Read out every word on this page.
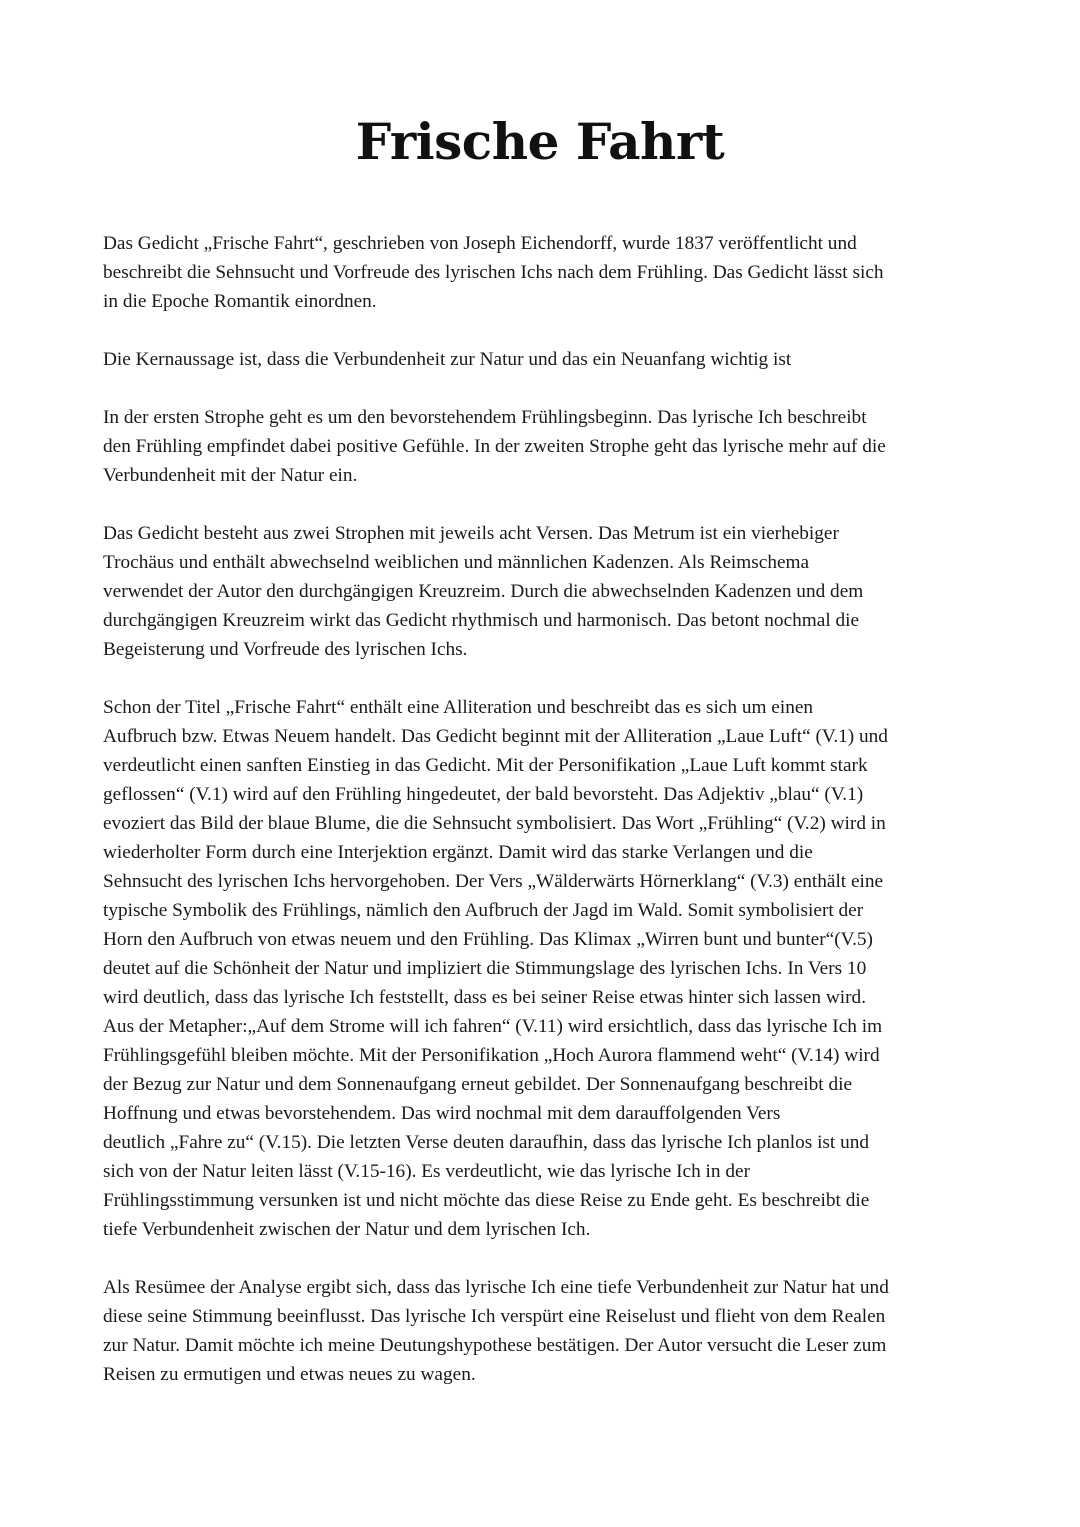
Frische Fahrt

Das Gedicht „Frische Fahrt“, geschrieben von Joseph Eichendorff, wurde 1837 veröffentlicht und
beschreibt die Sehnsucht und Vorfreude des lyrischen Ichs nach dem Frühling. Das Gedicht lässt sich
in die Epoche Romantik einordnen.

Die Kernaussage ist, dass die Verbundenheit zur Natur und das ein Neuanfang wichtig ist

In der ersten Strophe geht es um den bevorstehendem Frühlingsbeginn. Das lyrische Ich beschreibt
den Frühling empfindet dabei positive Gefühle. In der zweiten Strophe geht das lyrische mehr auf die
Verbundenheit mit der Natur ein.

Das Gedicht besteht aus zwei Strophen mit jeweils acht Versen. Das Metrum ist ein vierhebiger
Trochäus und enthält abwechselnd weiblichen und männlichen Kadenzen. Als Reimschema
verwendet der Autor den durchgängigen Kreuzreim. Durch die abwechselnden Kadenzen und dem
durchgängigen Kreuzreim wirkt das Gedicht rhythmisch und harmonisch. Das betont nochmal die
Begeisterung und Vorfreude des lyrischen Ichs.

Schon der Titel „Frische Fahrt“ enthält eine Alliteration und beschreibt das es sich um einen
Aufbruch bzw. Etwas Neuem handelt. Das Gedicht beginnt mit der Alliteration „Laue Luft“ (V.1) und
verdeutlicht einen sanften Einstieg in das Gedicht. Mit der Personifikation „Laue Luft kommt stark
geflossen“ (V.1) wird auf den Frühling hingedeutet, der bald bevorsteht. Das Adjektiv „blau“ (V.1)
evoziert das Bild der blaue Blume, die die Sehnsucht symbolisiert. Das Wort „Frühling“ (V.2) wird in
wiederholter Form durch eine Interjektion ergänzt. Damit wird das starke Verlangen und die
Sehnsucht des lyrischen Ichs hervorgehoben. Der Vers „Wälderwärts Hörnerklang“ (V.3) enthält eine
typische Symbolik des Frühlings, nämlich den Aufbruch der Jagd im Wald. Somit symbolisiert der
Horn den Aufbruch von etwas neuem und den Frühling. Das Klimax „Wirren bunt und bunter“(V.5)
deutet auf die Schönheit der Natur und impliziert die Stimmungslage des lyrischen Ichs. In Vers 10
wird deutlich, dass das lyrische Ich feststellt, dass es bei seiner Reise etwas hinter sich lassen wird.
Aus der Metapher:„Auf dem Strome will ich fahren“ (V.11) wird ersichtlich, dass das lyrische Ich im
Frühlingsgefühl bleiben möchte. Mit der Personifikation „Hoch Aurora flammend weht“ (V.14) wird
der Bezug zur Natur und dem Sonnenaufgang erneut gebildet. Der Sonnenaufgang beschreibt die
Hoffnung und etwas bevorstehendem. Das wird nochmal mit dem darauffolgenden Vers
deutlich „Fahre zu“ (V.15). Die letzten Verse deuten daraufhin, dass das lyrische Ich planlos ist und
sich von der Natur leiten lässt (V.15-16). Es verdeutlicht, wie das lyrische Ich in der
Frühlingsstimmung versunken ist und nicht möchte das diese Reise zu Ende geht. Es beschreibt die
tiefe Verbundenheit zwischen der Natur und dem lyrischen Ich.

Als Resümee der Analyse ergibt sich, dass das lyrische Ich eine tiefe Verbundenheit zur Natur hat und
diese seine Stimmung beeinflusst. Das lyrische Ich verspürt eine Reiselust und flieht von dem Realen
zur Natur. Damit möchte ich meine Deutungshypothese bestätigen. Der Autor versucht die Leser zum
Reisen zu ermutigen und etwas neues zu wagen.
